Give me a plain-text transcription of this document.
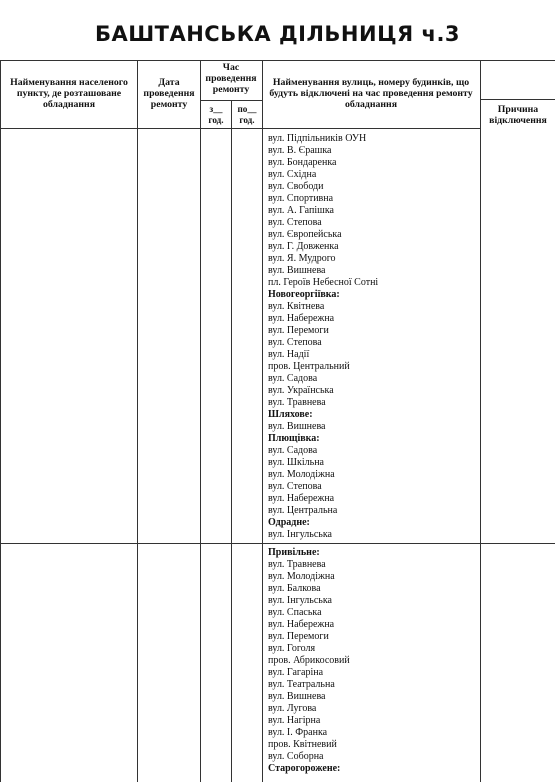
БАШТАНСЬКА ДІЛЬНИЦЯ ч.3
Найменування населеного пункту, де розташоване обладнання
Дата проведення ремонту
Час проведення ремонту
з__ год.
по__ год.
Найменування вулиць, номеру будинків, що будуть відключені на час проведення ремонту обладнання	Причина відключення
вул. Підпільників ОУН
вул. В. Єрашка
вул. Бондаренка
вул. Східна
вул. Свободи
вул. Спортивна
вул. А. Гапішка
вул. Степова
вул. Європейська
вул. Г. Довженка
вул. Я. Мудрого
вул. Вишнева
пл. Героїв Небесної Сотні
Новогеоргіївка:
вул. Квітнева
вул. Набережна
вул. Перемоги
вул. Степова
вул. Надії
пров. Центральний
вул. Садова
вул. Українська
вул. Травнева
Шляхове:
вул. Вишнева
Плющівка:
вул. Садова
вул. Шкільна
вул. Молодіжна
вул. Степова
вул. Набережна
вул. Центральна
Одрадне:
вул. Інгульська
Привільне:
вул. Травнева
вул. Молодіжна
вул. Балкова
вул. Інгульська
вул. Спаська
вул. Набережна
вул. Перемоги
вул. Гоголя
пров. Абрикосовий
вул. Гагаріна
вул. Театральна
вул. Вишнева
вул. Лугова
вул. Нагірна
вул. І. Франка
пров. Квітневий
вул. Соборна
Старогорожене:
